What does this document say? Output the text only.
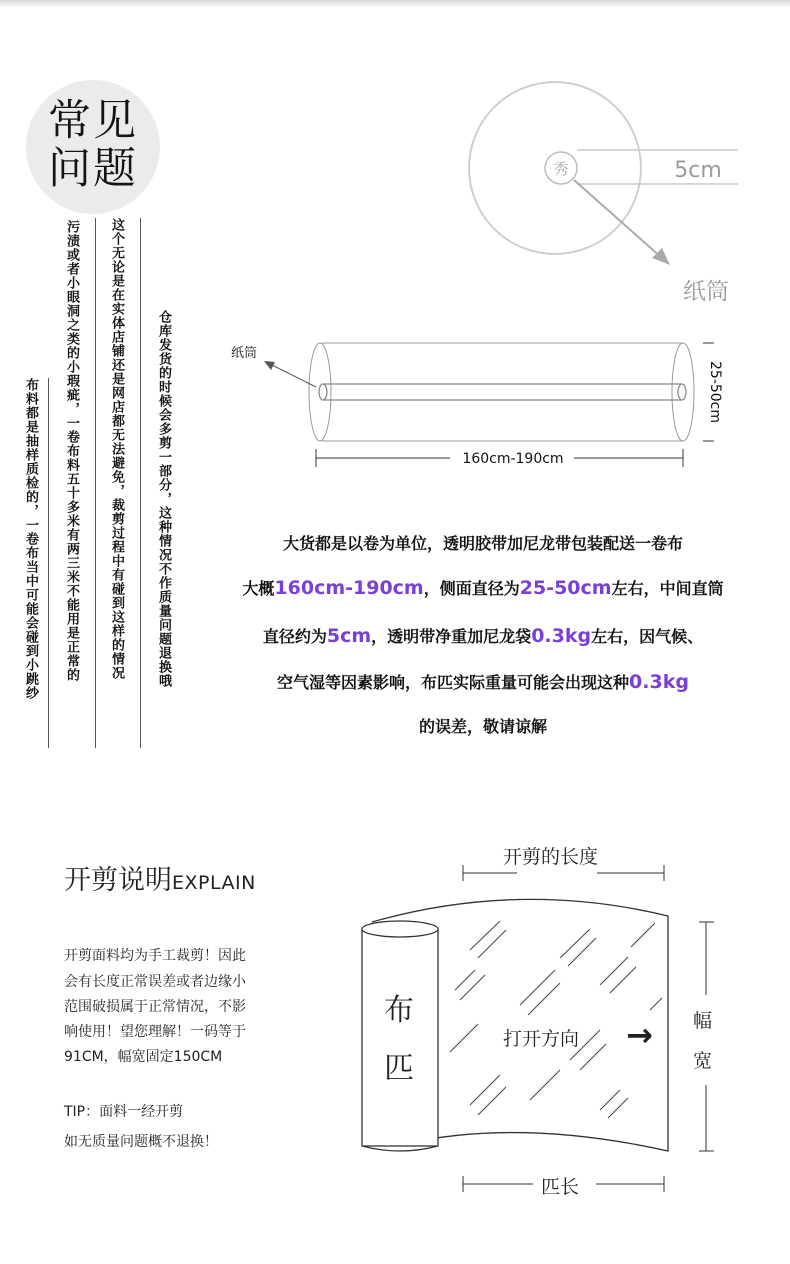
常见
问题
布料都是抽样质检的，一卷布当中可能会碰到小跳纱 污渍或者小眼洞之类的小瑕疵，一卷布料五十多米有两三米不能用是正常的 这个无论是在实体店铺还是网店都无法避免，裁剪过程中有碰到这样的情况 仓库发货的时候会多剪一部分，这种情况不作质量问题退换哦
秀	5cm
纸筒
纸筒
25-50cm
160cm-190cm
大货都是以卷为单位，透明胶带加尼龙带包装配送一卷布
大概160cm-190cm，侧面直径为25-50cm左右，中间直筒
直径约为5cm，透明带净重加尼龙袋0.3kg左右，因气候、
空气湿等因素影响，布匹实际重量可能会出现这种0.3kg
的误差，敬请谅解
开剪说明EXPLAIN
开剪面料均为手工裁剪！因此
会有长度正常误差或者边缘小
范围破损属于正常情况，不影
响使用！望您理解！一码等于
91CM，幅宽固定150CM
TIP：面料一经开剪
如无质量问题概不退换！
开剪的长度
布
匹
打开方向 → 幅
宽
匹长
